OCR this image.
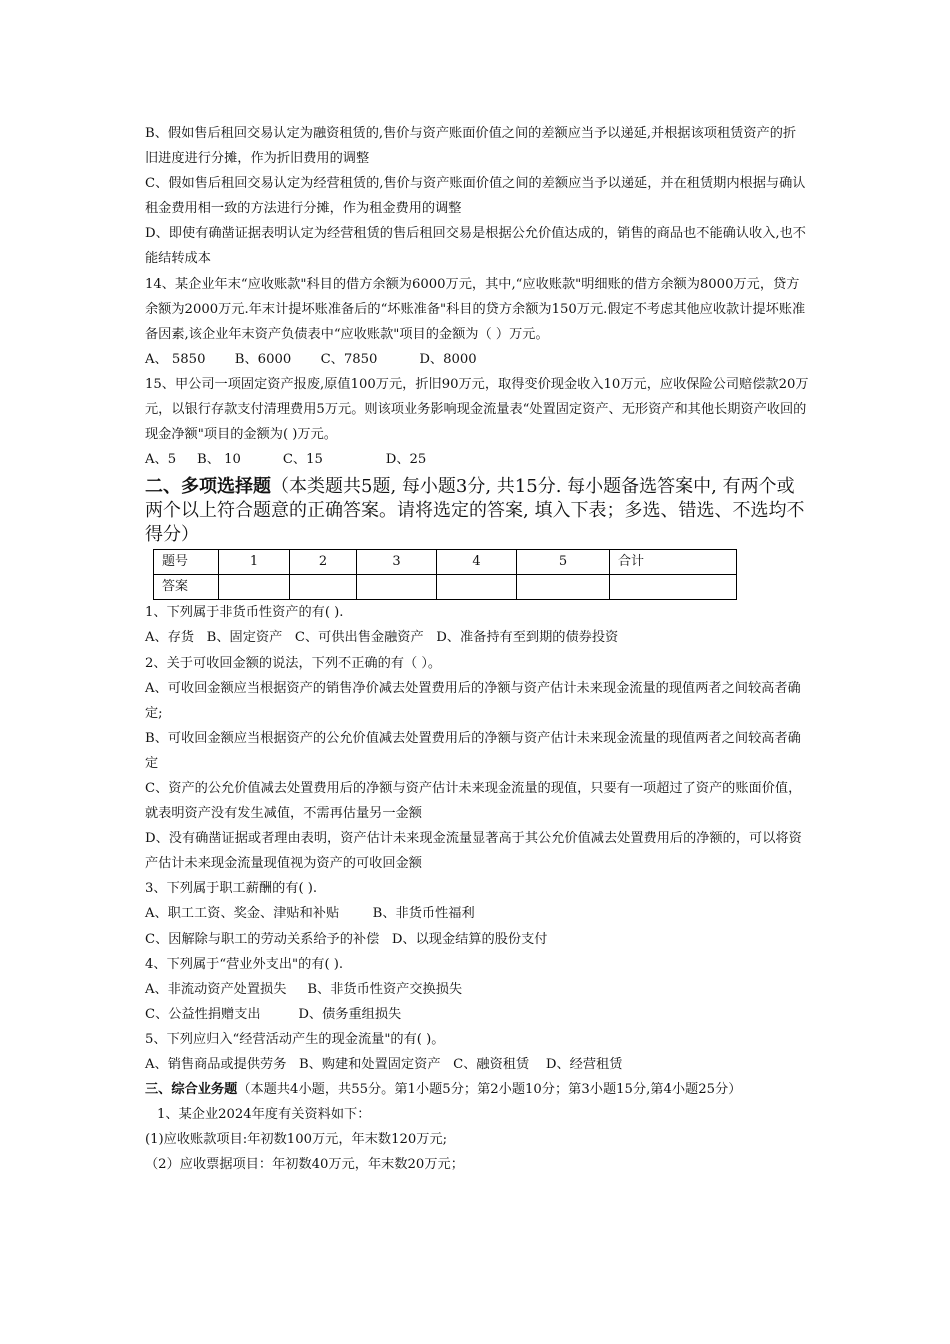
B、假如售后租回交易认定为融资租赁的,售价与资产账面价值之间的差额应当予以递延,并根据该项租赁资产的折旧进度进行分摊，作为折旧费用的调整

C、假如售后租回交易认定为经营租赁的,售价与资产账面价值之间的差额应当予以递延，并在租赁期内根据与确认租金费用相一致的方法进行分摊，作为租金费用的调整

D、即使有确凿证据表明认定为经营租赁的售后租回交易是根据公允价值达成的，销售的商品也不能确认收入,也不能结转成本

14、某企业年末“应收账款"科目的借方余额为6000万元，其中,“应收账款"明细账的借方余额为8000万元，贷方余额为2000万元.年末计提坏账准备后的“坏账准备"科目的贷方余额为150万元.假定不考虑其他应收款计提坏账准备因素,该企业年末资产负债表中“应收账款"项目的金额为（ ）万元。

A、 5850       B、6000       C、7850          D、8000

15、甲公司一项固定资产报废,原值100万元，折旧90万元，取得变价现金收入10万元，应收保险公司赔偿款20万元，以银行存款支付清理费用5万元。则该项业务影响现金流量表“处置固定资产、无形资产和其他长期资产收回的现金净额"项目的金额为( )万元。

A、5     B、 10          C、15               D、25

二、多项选择题（本类题共5题, 每小题3分, 共15分. 每小题备选答案中, 有两个或两个以上符合题意的正确答案。请将选定的答案, 填入下表；多选、错选、不选均不得分）

题号	1	2	3	4	5	合计
答案						

1、下列属于非货币性资产的有( ).

A、存货   B、固定资产   C、可供出售金融资产   D、准备持有至到期的债券投资

2、关于可收回金额的说法，下列不正确的有（ ）。

A、可收回金额应当根据资产的销售净价减去处置费用后的净额与资产估计未来现金流量的现值两者之间较高者确定;

B、可收回金额应当根据资产的公允价值减去处置费用后的净额与资产估计未来现金流量的现值两者之间较高者确定

C、资产的公允价值减去处置费用后的净额与资产估计未来现金流量的现值，只要有一项超过了资产的账面价值，就表明资产没有发生减值，不需再估量另一金额

D、没有确凿证据或者理由表明，资产估计未来现金流量显著高于其公允价值减去处置费用后的净额的，可以将资产估计未来现金流量现值视为资产的可收回金额

3、下列属于职工薪酬的有( ).

A、职工工资、奖金、津贴和补贴        B、非货币性福利

C、因解除与职工的劳动关系给予的补偿   D、以现金结算的股份支付

4、下列属于“营业外支出"的有( ).

A、非流动资产处置损失     B、非货币性资产交换损失

C、公益性捐赠支出         D、债务重组损失

5、下列应归入“经营活动产生的现金流量"的有( )。

A、销售商品或提供劳务   B、购建和处置固定资产   C、融资租赁    D、经营租赁

三、综合业务题（本题共4小题，共55分。第1小题5分；第2小题10分；第3小题15分,第4小题25分）

1、某企业2024年度有关资料如下：

(1)应收账款项目:年初数100万元，年末数120万元;

（2）应收票据项目：年初数40万元，年末数20万元；
